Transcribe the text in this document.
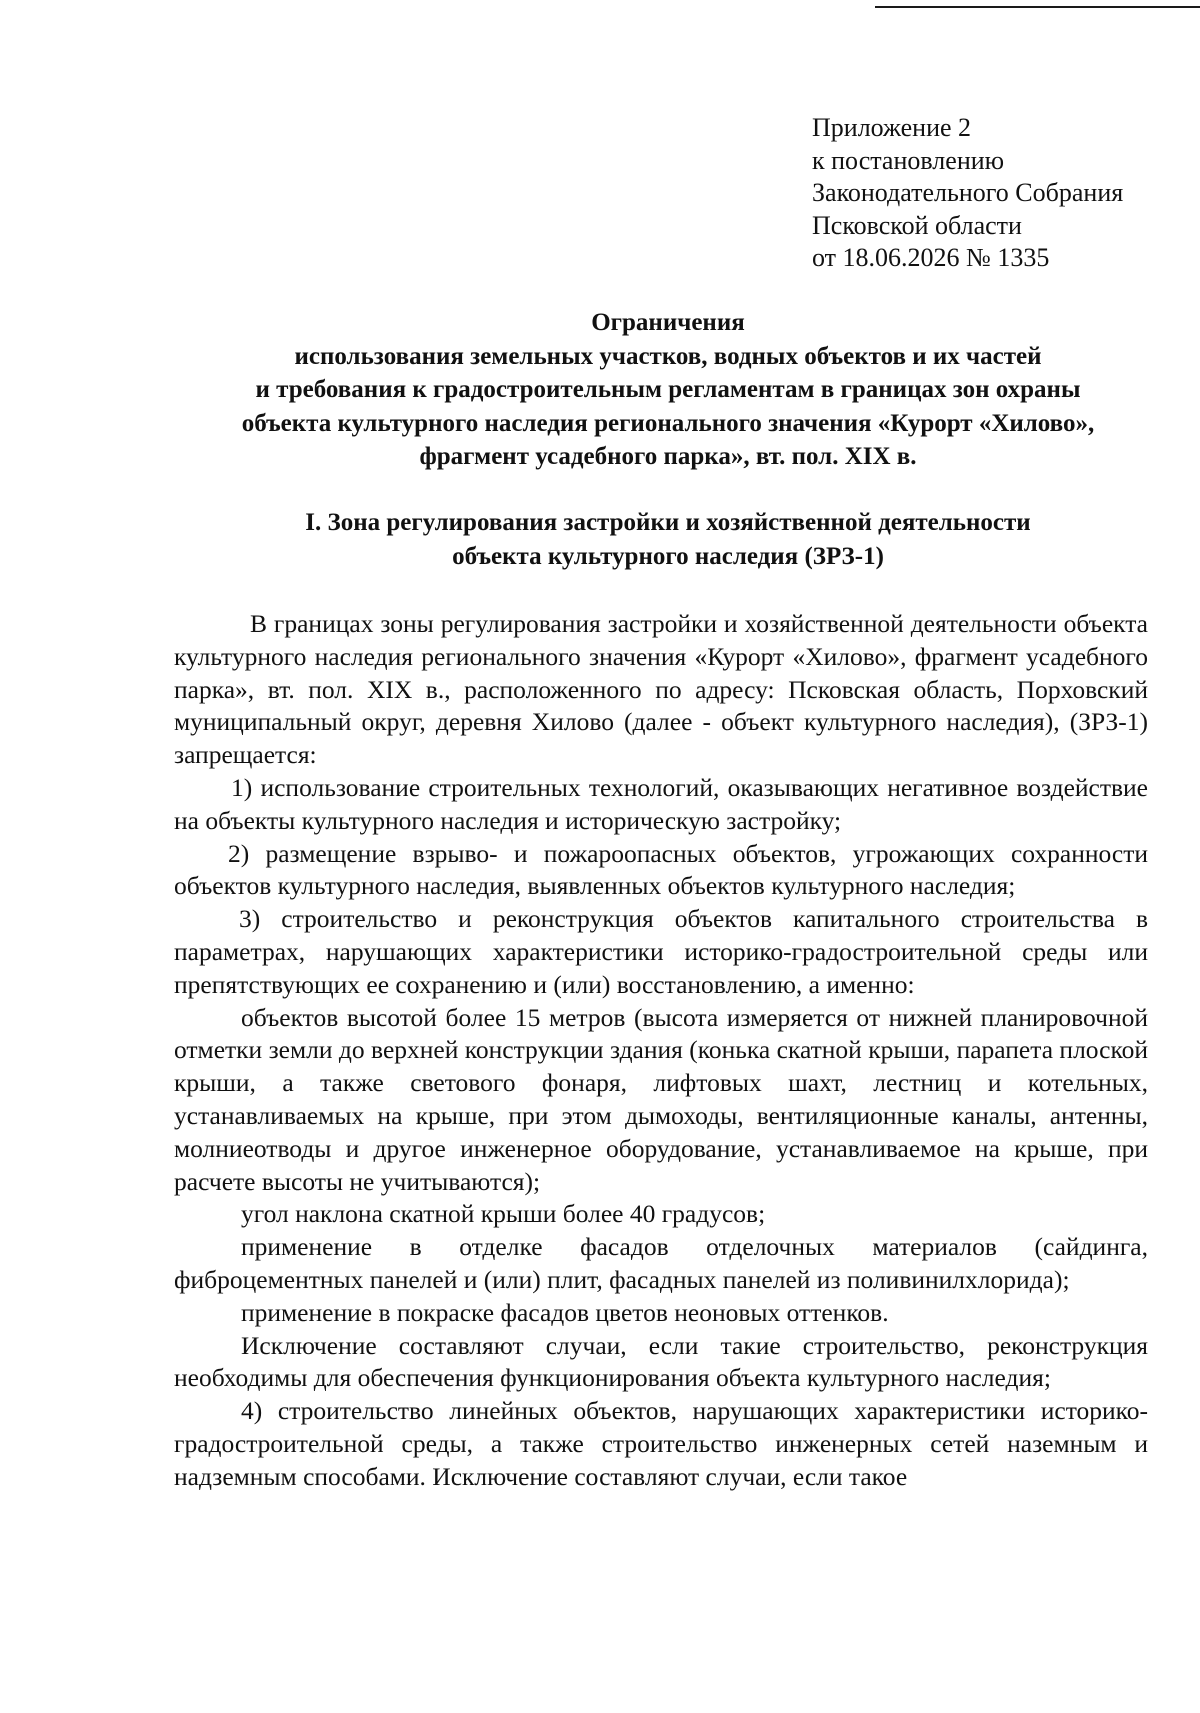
Приложение 2
к постановлению
Законодательного Собрания
Псковской области
от 18.06.2026 № 1335
Ограничения
использования земельных участков, водных объектов и их частей
и требования к градостроительным регламентам в границах зон охраны
объекта культурного наследия регионального значения «Курорт «Хилово»,
фрагмент усадебного парка», вт. пол. XIX в.
I. Зона регулирования застройки и хозяйственной деятельности
объекта культурного наследия (ЗРЗ-1)

В границах зоны регулирования застройки и хозяйственной деятельности объекта культурного наследия регионального значения «Курорт «Хилово», фрагмент усадебного парка», вт. пол. XIX в., расположенного по адресу: Псковская область, Порховский муниципальный округ, деревня Хилово (далее - объект культурного наследия), (ЗРЗ-1) запрещается:

1) использование строительных технологий, оказывающих негативное воздействие на объекты культурного наследия и историческую застройку;

2) размещение взрыво- и пожароопасных объектов, угрожающих сохранности объектов культурного наследия, выявленных объектов культурного наследия;

3) строительство и реконструкция объектов капитального строительства в параметрах, нарушающих характеристики историко-градостроительной среды или препятствующих ее сохранению и (или) восстановлению, а именно:

объектов высотой более 15 метров (высота измеряется от нижней планировочной отметки земли до верхней конструкции здания (конька скатной крыши, парапета плоской крыши, а также светового фонаря, лифтовых шахт, лестниц и котельных, устанавливаемых на крыше, при этом дымоходы, вентиляционные каналы, антенны, молниеотводы и другое инженерное оборудование, устанавливаемое на крыше, при расчете высоты не учитываются);

угол наклона скатной крыши более 40 градусов;

применение в отделке фасадов отделочных материалов (сайдинга, фиброцементных панелей и (или) плит, фасадных панелей из поливинилхлорида);

применение в покраске фасадов цветов неоновых оттенков.

Исключение составляют случаи, если такие строительство, реконструкция необходимы для обеспечения функционирования объекта культурного наследия;

4) строительство линейных объектов, нарушающих характеристики историко-градостроительной среды, а также строительство инженерных сетей наземным и надземным способами. Исключение составляют случаи, если такое
